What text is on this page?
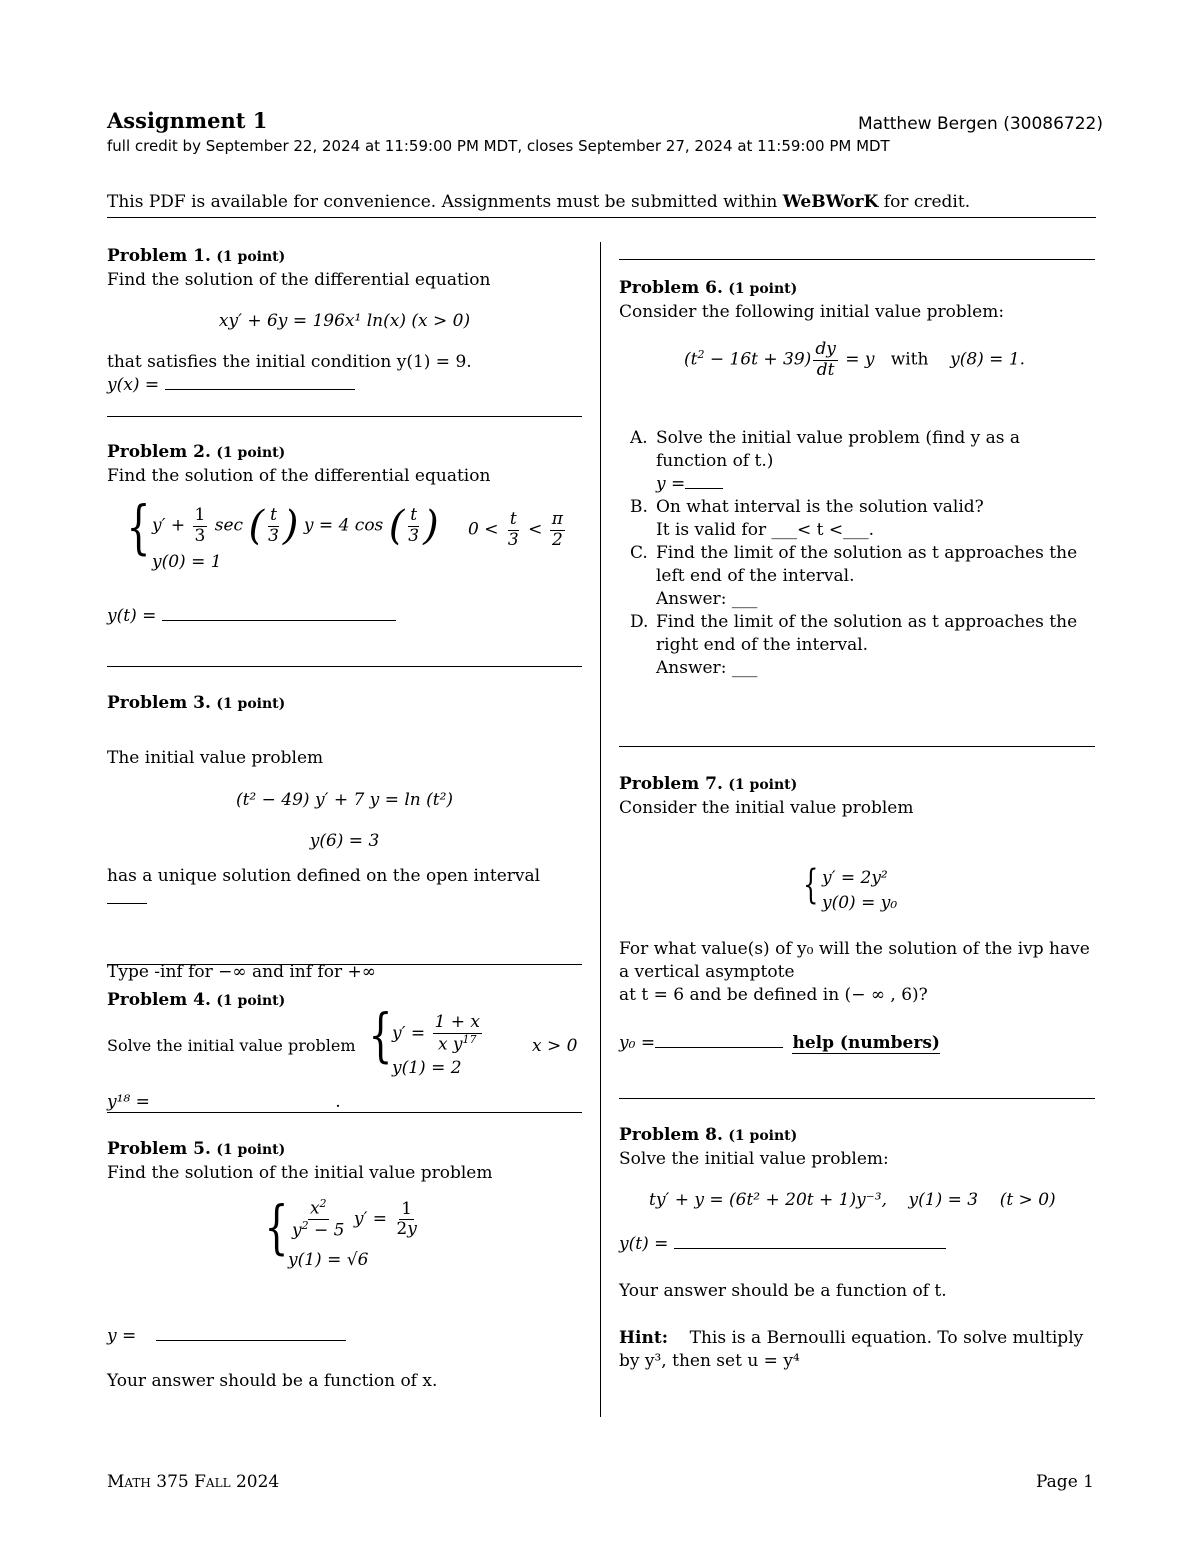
Assignment 1	Matthew Bergen (30086722)
full credit by September 22, 2024 at 11:59:00 PM MDT, closes September 27, 2024 at 11:59:00 PM MDT
This PDF is available for convenience. Assignments must be submitted within WeBWorK for credit.
Problem 1. (1 point)
Find the solution of the differential equation
xy′ + 6y = 196x¹ ln(x) (x > 0)
that satisfies the initial condition y(1) = 9.
y(x) =
Problem 2. (1 point)
Find the solution of the differential equation
{ $y' + \frac{1}{3}$ sec ( $\frac{t}{3}$ ) y = 4 cos ( $\frac{t}{3}$ )
y(0) = 1
$0 < \frac{t}{3} < \frac{\pi}{2}$
y(t) =
Problem 3. (1 point)
The initial value problem
(t² − 49) y′ + 7 y = ln (t²)
y(6) = 3
has a unique solution defined on the open interval
Type -inf for −∞ and inf for +∞
Problem 4. (1 point)
Solve the initial value problem { $y' = \frac{1 + x}{x y^{17}}$
y(1) = 2
x > 0
y¹⁸ =	.
Problem 5. (1 point)
Find the solution of the initial value problem
{ $\frac{x^2}{y^2 - 5} y' = \frac{1}{2y}$
y(1) = √6
y =
Your answer should be a function of x.
Problem 6. (1 point)
Consider the following initial value problem:
$(t^2 - 16t + 39) \frac{dy}{dt} = y$   with    y(8) = 1.
A. Solve the initial value problem (find y as a function of t.)
y =
B. On what interval is the solution valid?
It is valid for ___< t <___.
C. Find the limit of the solution as t approaches the left end of the interval.
Answer: ___
D. Find the limit of the solution as t approaches the right end of the interval.
Answer: ___
Problem 7. (1 point)
Consider the initial value problem
{ y′ = 2y²
y(0) = y₀
For what value(s) of y₀ will the solution of the ivp have a vertical asymptote
at t = 6 and be defined in (− ∞ , 6)?
y₀ =	help (numbers)
Problem 8. (1 point)
Solve the initial value problem:
ty′ + y = (6t² + 20t + 1)y⁻³,    y(1) = 3    (t > 0)
y(t) =
Your answer should be a function of t.
Hint: This is a Bernoulli equation. To solve multiply by y³, then set u = y⁴
Math 375 Fall 2024	Page 1
